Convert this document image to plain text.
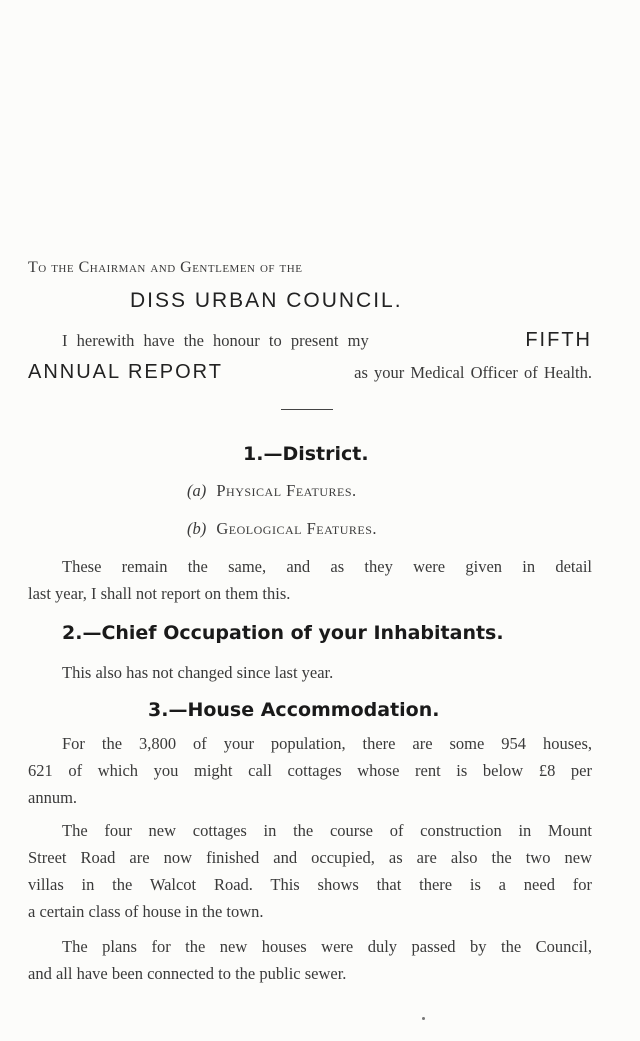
To the Chairman and Gentlemen of the
DISS URBAN COUNCIL.
I herewith have the honour to present my	FIFTH
ANNUAL REPORT	as your Medical Officer of Health.
1.—District.
(a) Physical Features.
(b) Geological Features.
These remain the same, and as they were given in detail
last year, I shall not report on them this.
2.—Chief Occupation of your Inhabitants.
This also has not changed since last year.
3.—House Accommodation.
For the 3,800 of your population, there are some 954 houses,
621 of which you might call cottages whose rent is below £8 per
annum.
The four new cottages in the course of construction in Mount
Street Road are now finished and occupied, as are also the two new
villas in the Walcot Road. This shows that there is a need for
a certain class of house in the town.
The plans for the new houses were duly passed by the Council,
and all have been connected to the public sewer.
